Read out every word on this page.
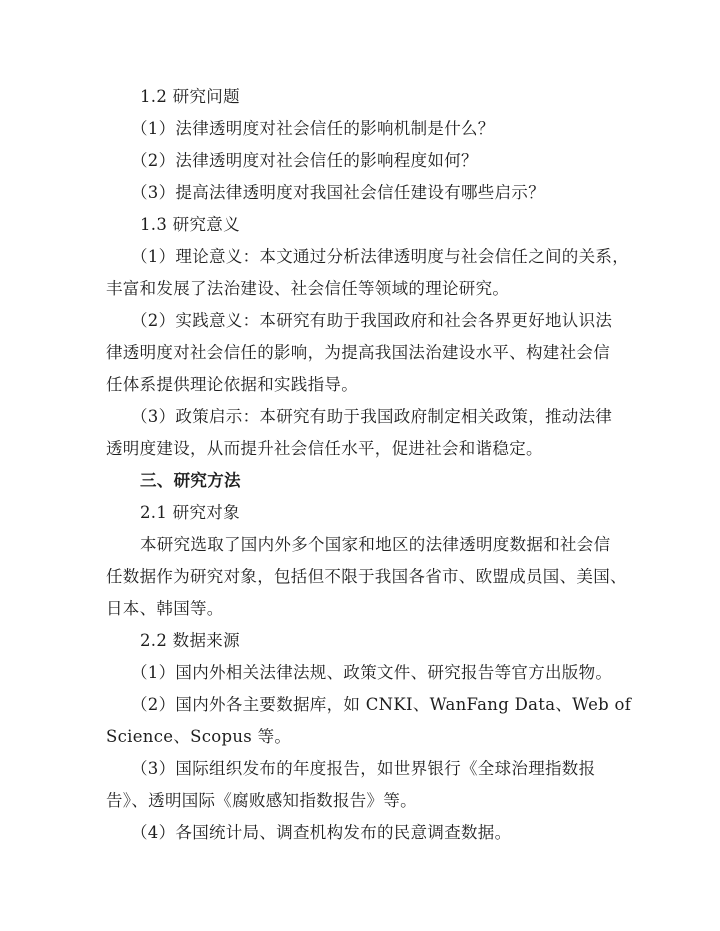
1.2 研究问题
（1）法律透明度对社会信任的影响机制是什么？
（2）法律透明度对社会信任的影响程度如何？
（3）提高法律透明度对我国社会信任建设有哪些启示？
1.3 研究意义
（1）理论意义：本文通过分析法律透明度与社会信任之间的关系，
丰富和发展了法治建设、社会信任等领域的理论研究。
（2）实践意义：本研究有助于我国政府和社会各界更好地认识法
律透明度对社会信任的影响，为提高我国法治建设水平、构建社会信
任体系提供理论依据和实践指导。
（3）政策启示：本研究有助于我国政府制定相关政策，推动法律
透明度建设，从而提升社会信任水平，促进社会和谐稳定。
三、研究方法
2.1 研究对象
本研究选取了国内外多个国家和地区的法律透明度数据和社会信
任数据作为研究对象，包括但不限于我国各省市、欧盟成员国、美国、
日本、韩国等。
2.2 数据来源
（1）国内外相关法律法规、政策文件、研究报告等官方出版物。
（2）国内外各主要数据库，如 CNKI、WanFang Data、Web of
Science、Scopus 等。
（3）国际组织发布的年度报告，如世界银行《全球治理指数报
告》、透明国际《腐败感知指数报告》等。
（4）各国统计局、调查机构发布的民意调查数据。
